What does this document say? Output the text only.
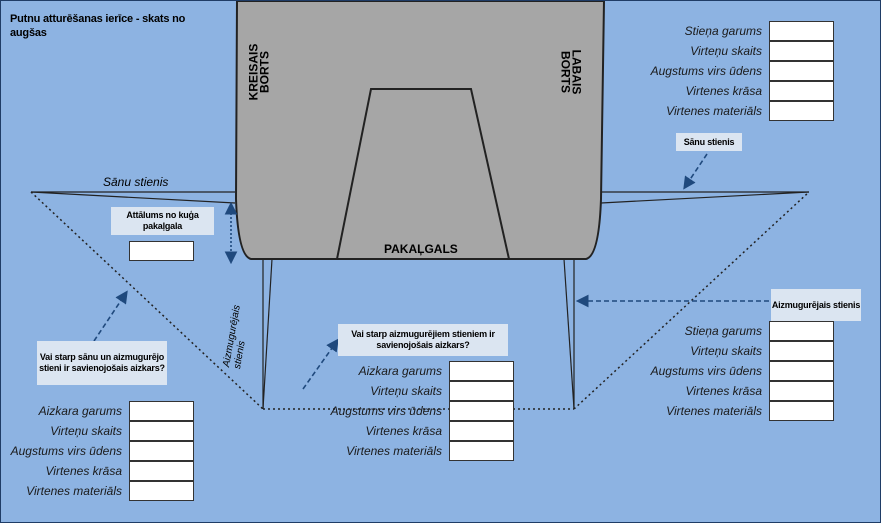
Putnu atturēšanas ierīce - skats no augšas
KREISAIS
BORTS	LABAIS
BORTS
PAKAĻGALS
Sānu stienis
Aizmugurējais
stienis
Attālums no kuģa pakaļgala
Sānu stienis
Aizmugurējais stienis
Vai starp sānu un aizmugurējo stieni ir savienojošais aizkars?
Vai starp aizmugurējiem stieniem ir savienojošais aizkars?
Stieņa garums
Virteņu skaits
Augstums virs ūdens
Virtenes krāsa
Virtenes materiāls
Stieņa garums
Virteņu skaits
Augstums virs ūdens
Virtenes krāsa
Virtenes materiāls
Aizkara garums
Virteņu skaits
Augstums virs ūdens
Virtenes krāsa
Virtenes materiāls
Aizkara garums
Virteņu skaits
Augstums virs ūdens
Virtenes krāsa
Virtenes materiāls
